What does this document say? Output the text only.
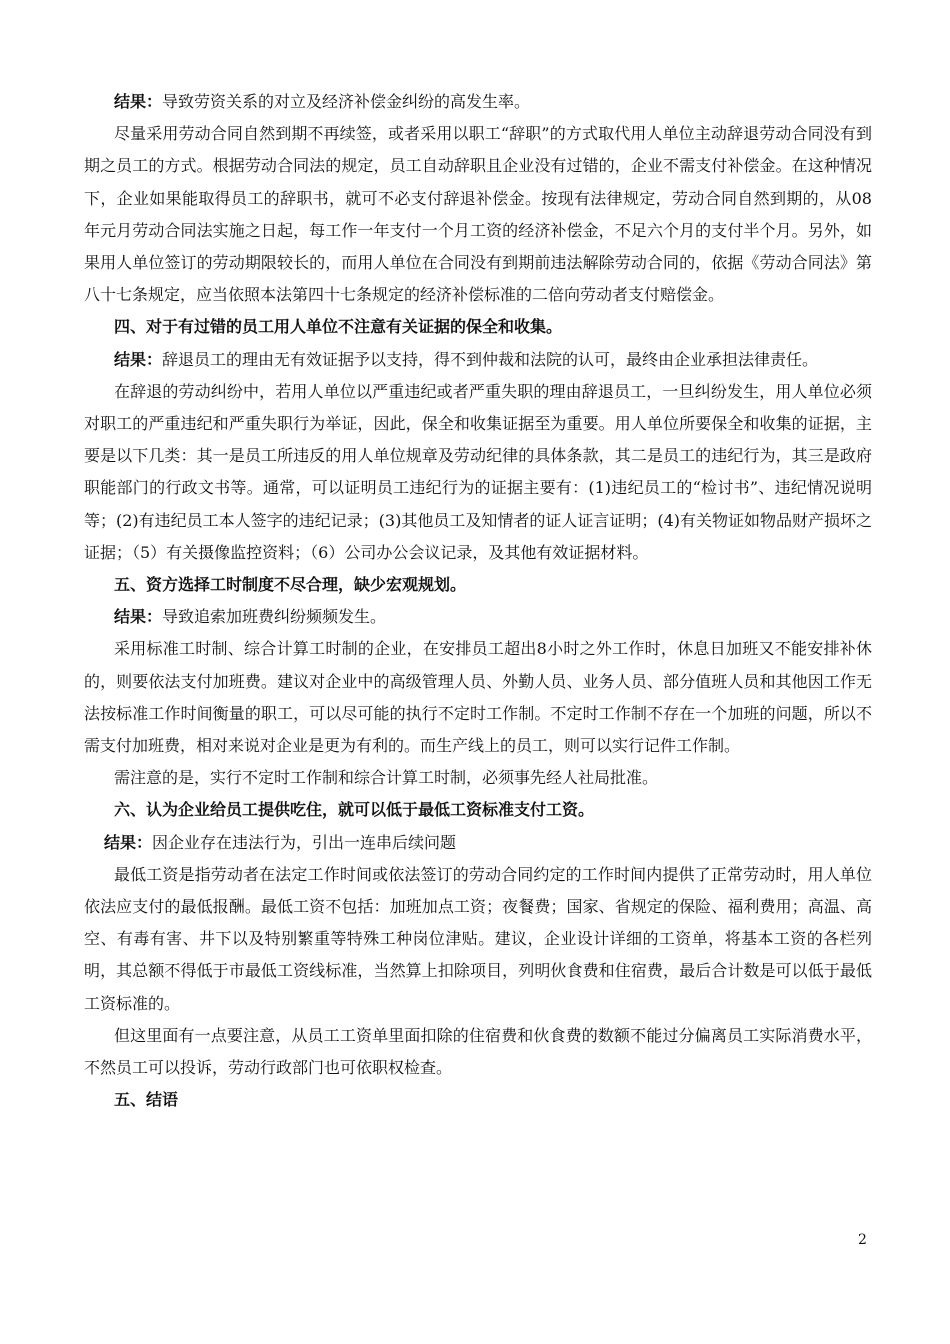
结果：导致劳资关系的对立及经济补偿金纠纷的高发生率。

尽量采用劳动合同自然到期不再续签，或者采用以职工“辞职”的方式取代用人单位主动辞退劳动合同没有到期之员工的方式。根据劳动合同法的规定，员工自动辞职且企业没有过错的，企业不需支付补偿金。在这种情况下，企业如果能取得员工的辞职书，就可不必支付辞退补偿金。按现有法律规定，劳动合同自然到期的，从08年元月劳动合同法实施之日起，每工作一年支付一个月工资的经济补偿金，不足六个月的支付半个月。另外，如果用人单位签订的劳动期限较长的，而用人单位在合同没有到期前违法解除劳动合同的，依据《劳动合同法》第八十七条规定，应当依照本法第四十七条规定的经济补偿标准的二倍向劳动者支付赔偿金。

四、对于有过错的员工用人单位不注意有关证据的保全和收集。

结果：辞退员工的理由无有效证据予以支持，得不到仲裁和法院的认可，最终由企业承担法律责任。

在辞退的劳动纠纷中，若用人单位以严重违纪或者严重失职的理由辞退员工，一旦纠纷发生，用人单位必须对职工的严重违纪和严重失职行为举证，因此，保全和收集证据至为重要。用人单位所要保全和收集的证据，主要是以下几类：其一是员工所违反的用人单位规章及劳动纪律的具体条款，其二是员工的违纪行为，其三是政府职能部门的行政文书等。通常，可以证明员工违纪行为的证据主要有：(1)违纪员工的“检讨书”、违纪情况说明等；(2)有违纪员工本人签字的违纪记录；(3)其他员工及知情者的证人证言证明；(4)有关物证如物品财产损坏之证据；（5）有关摄像监控资料；（6）公司办公会议记录，及其他有效证据材料。

五、资方选择工时制度不尽合理，缺少宏观规划。

结果：导致追索加班费纠纷频频发生。

采用标准工时制、综合计算工时制的企业，在安排员工超出8小时之外工作时，休息日加班又不能安排补休的，则要依法支付加班费。建议对企业中的高级管理人员、外勤人员、业务人员、部分值班人员和其他因工作无法按标准工作时间衡量的职工，可以尽可能的执行不定时工作制。不定时工作制不存在一个加班的问题，所以不需支付加班费，相对来说对企业是更为有利的。而生产线上的员工，则可以实行记件工作制。

需注意的是，实行不定时工作制和综合计算工时制，必须事先经人社局批准。

六、认为企业给员工提供吃住，就可以低于最低工资标准支付工资。

结果：因企业存在违法行为，引出一连串后续问题

最低工资是指劳动者在法定工作时间或依法签订的劳动合同约定的工作时间内提供了正常劳动时，用人单位依法应支付的最低报酬。最低工资不包括：加班加点工资；夜餐费；国家、省规定的保险、福利费用；高温、高空、有毒有害、井下以及特别繁重等特殊工种岗位津贴。建议，企业设计详细的工资单，将基本工资的各栏列明，其总额不得低于市最低工资线标准，当然算上扣除项目，列明伙食费和住宿费，最后合计数是可以低于最低工资标准的。

但这里面有一点要注意，从员工工资单里面扣除的住宿费和伙食费的数额不能过分偏离员工实际消费水平，不然员工可以投诉，劳动行政部门也可依职权检查。

五、结语

2
